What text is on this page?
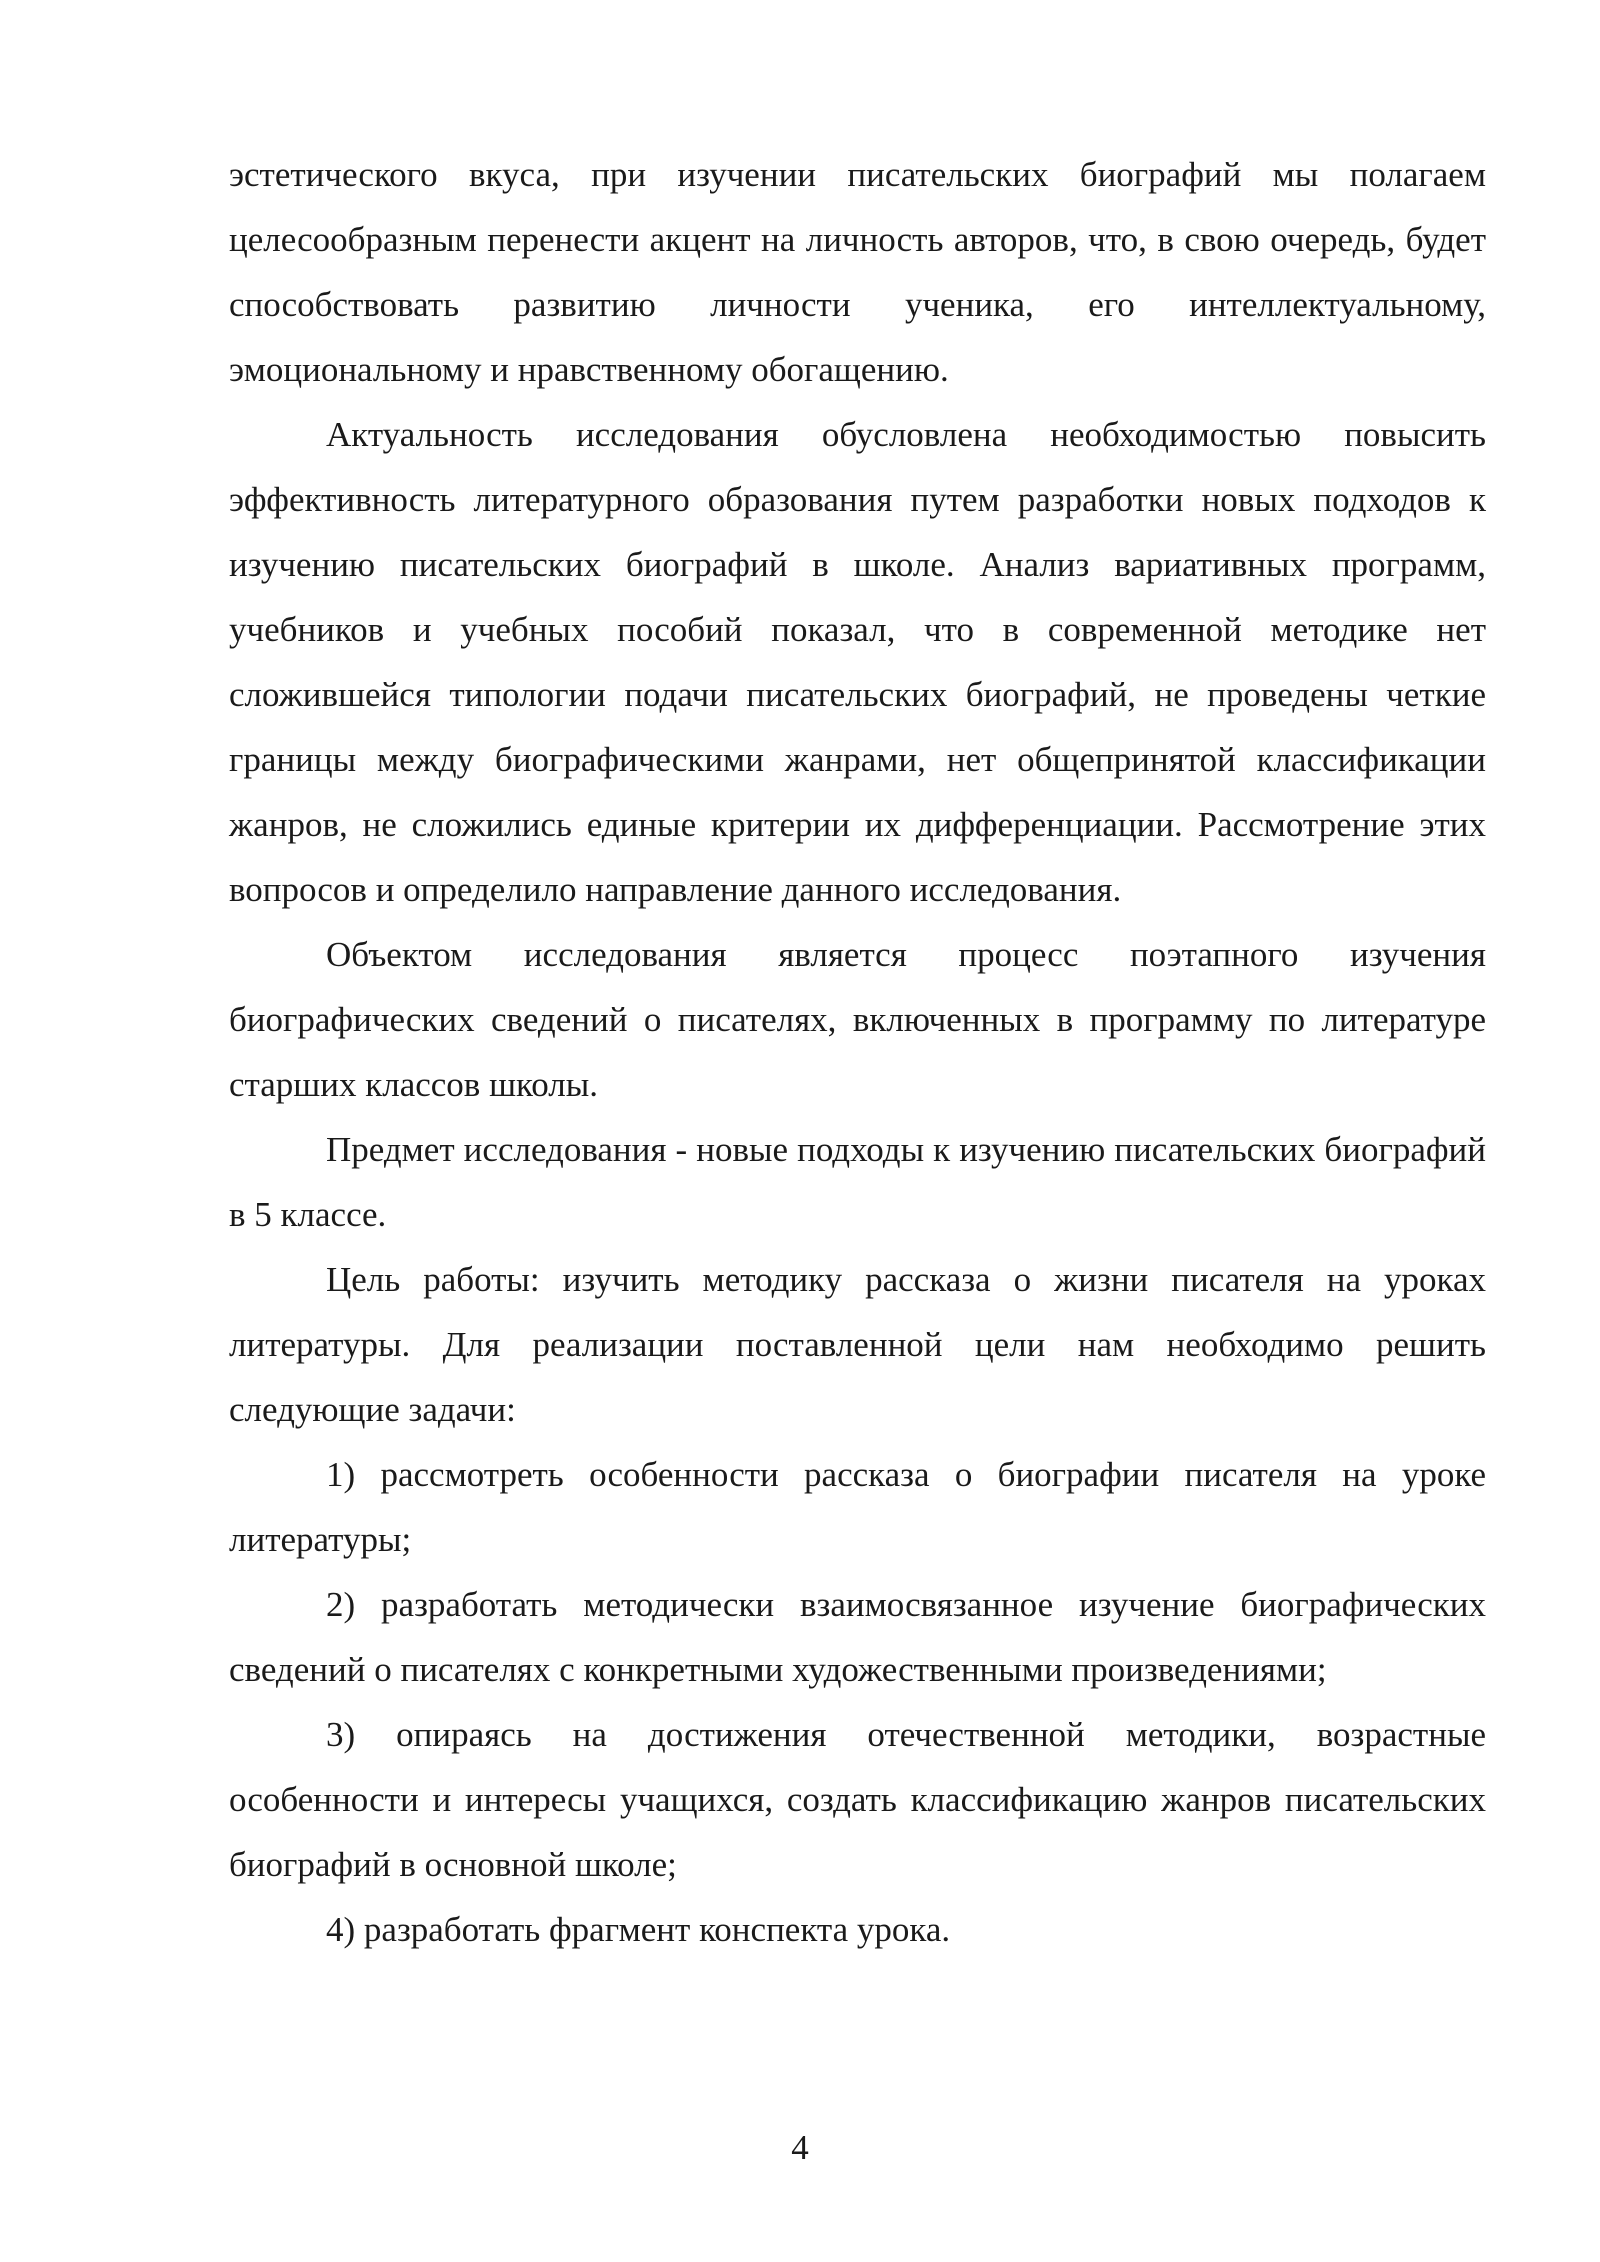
эстетического вкуса, при изучении писательских биографий мы полагаем целесообразным перенести акцент на личность авторов, что, в свою очередь, будет способствовать развитию личности ученика, его интеллектуальному, эмоциональному и нравственному обогащению.

Актуальность исследования обусловлена необходимостью повысить эффективность литературного образования путем разработки новых подходов к изучению писательских биографий в школе. Анализ вариативных программ, учебников и учебных пособий показал, что в современной методике нет сложившейся типологии подачи писательских биографий, не проведены четкие границы между биографическими жанрами, нет общепринятой классификации жанров, не сложились единые критерии их дифференциации. Рассмотрение этих вопросов и определило направление данного исследования.

Объектом исследования является процесс поэтапного изучения биографических сведений о писателях, включенных в программу по литературе старших классов школы.

Предмет исследования - новые подходы к изучению писательских биографий в 5 классе.

Цель работы: изучить методику рассказа о жизни писателя на уроках литературы. Для реализации поставленной цели нам необходимо решить следующие задачи:

1) рассмотреть особенности рассказа о биографии писателя на уроке литературы;

2) разработать методически взаимосвязанное изучение биографических сведений о писателях с конкретными художественными произведениями;

3) опираясь на достижения отечественной методики, возрастные особенности и интересы учащихся, создать классификацию жанров писательских биографий в основной школе;

4) разработать фрагмент конспекта урока.

4
